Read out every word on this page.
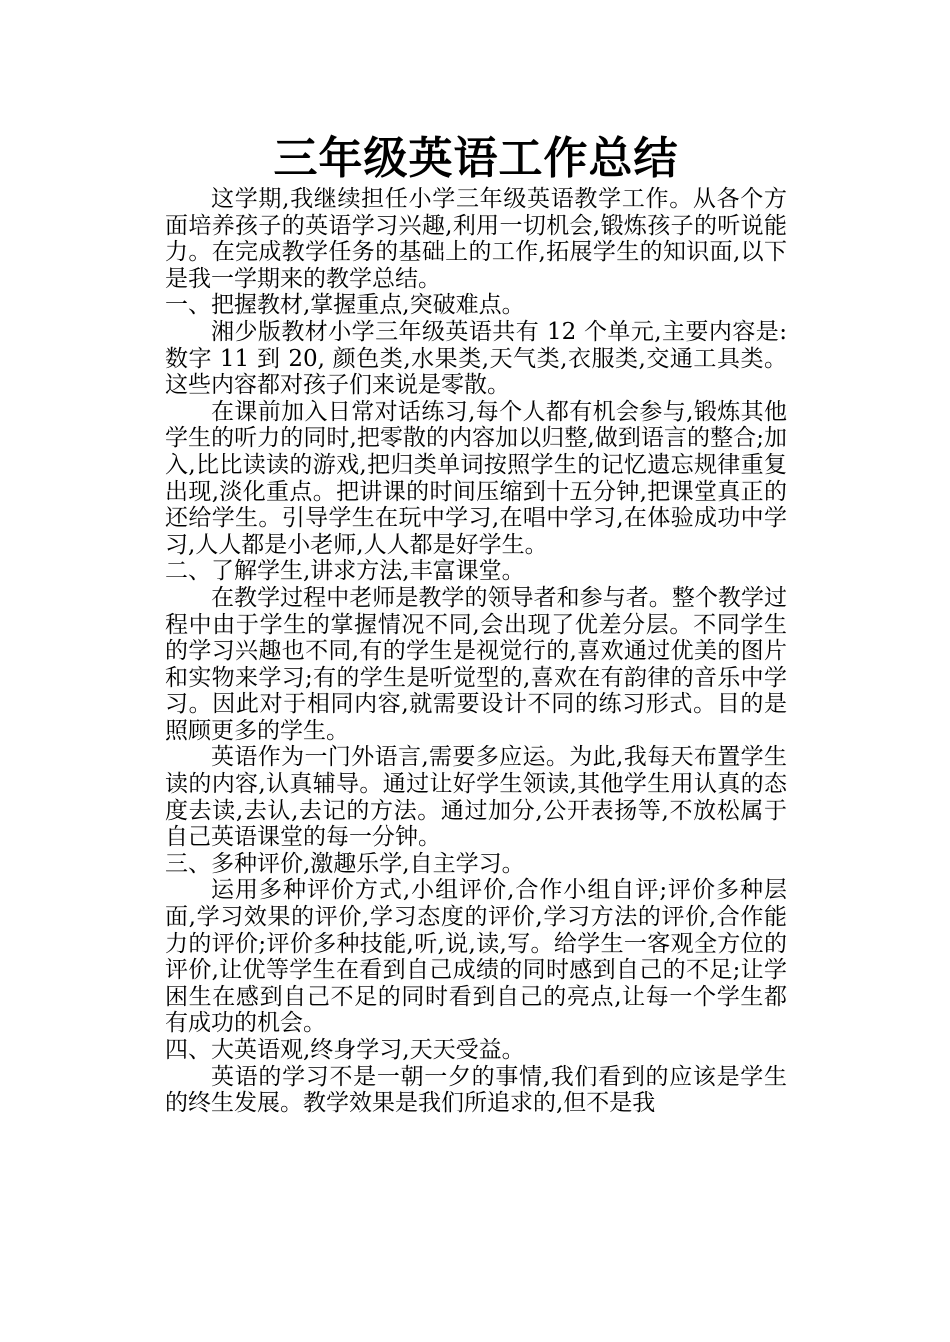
三年级英语工作总结

这学期,我继续担任小学三年级英语教学工作。从各个方面培养孩子的英语学习兴趣,利用一切机会,锻炼孩子的听说能力。在完成教学任务的基础上的工作,拓展学生的知识面,以下是我一学期来的教学总结。

一、把握教材,掌握重点,突破难点。

湘少版教材小学三年级英语共有 12 个单元,主要内容是:数字 11 到 20, 颜色类,水果类,天气类,衣服类,交通工具类。这些内容都对孩子们来说是零散。

在课前加入日常对话练习,每个人都有机会参与,锻炼其他学生的听力的同时,把零散的内容加以归整,做到语言的整合;加入,比比读读的游戏,把归类单词按照学生的记忆遗忘规律重复出现,淡化重点。把讲课的时间压缩到十五分钟,把课堂真正的还给学生。引导学生在玩中学习,在唱中学习,在体验成功中学习,人人都是小老师,人人都是好学生。

二、了解学生,讲求方法,丰富课堂。

在教学过程中老师是教学的领导者和参与者。整个教学过程中由于学生的掌握情况不同,会出现了优差分层。不同学生的学习兴趣也不同,有的学生是视觉行的,喜欢通过优美的图片和实物来学习;有的学生是听觉型的,喜欢在有韵律的音乐中学习。因此对于相同内容,就需要设计不同的练习形式。目的是照顾更多的学生。

英语作为一门外语言,需要多应运。为此,我每天布置学生读的内容,认真辅导。通过让好学生领读,其他学生用认真的态度去读,去认,去记的方法。通过加分,公开表扬等,不放松属于自己英语课堂的每一分钟。

三、多种评价,激趣乐学,自主学习。

运用多种评价方式,小组评价,合作小组自评;评价多种层面,学习效果的评价,学习态度的评价,学习方法的评价,合作能力的评价;评价多种技能,听,说,读,写。给学生一客观全方位的评价,让优等学生在看到自己成绩的同时感到自己的不足;让学困生在感到自己不足的同时看到自己的亮点,让每一个学生都有成功的机会。

四、大英语观,终身学习,天天受益。

英语的学习不是一朝一夕的事情,我们看到的应该是学生的终生发展。教学效果是我们所追求的,但不是我
